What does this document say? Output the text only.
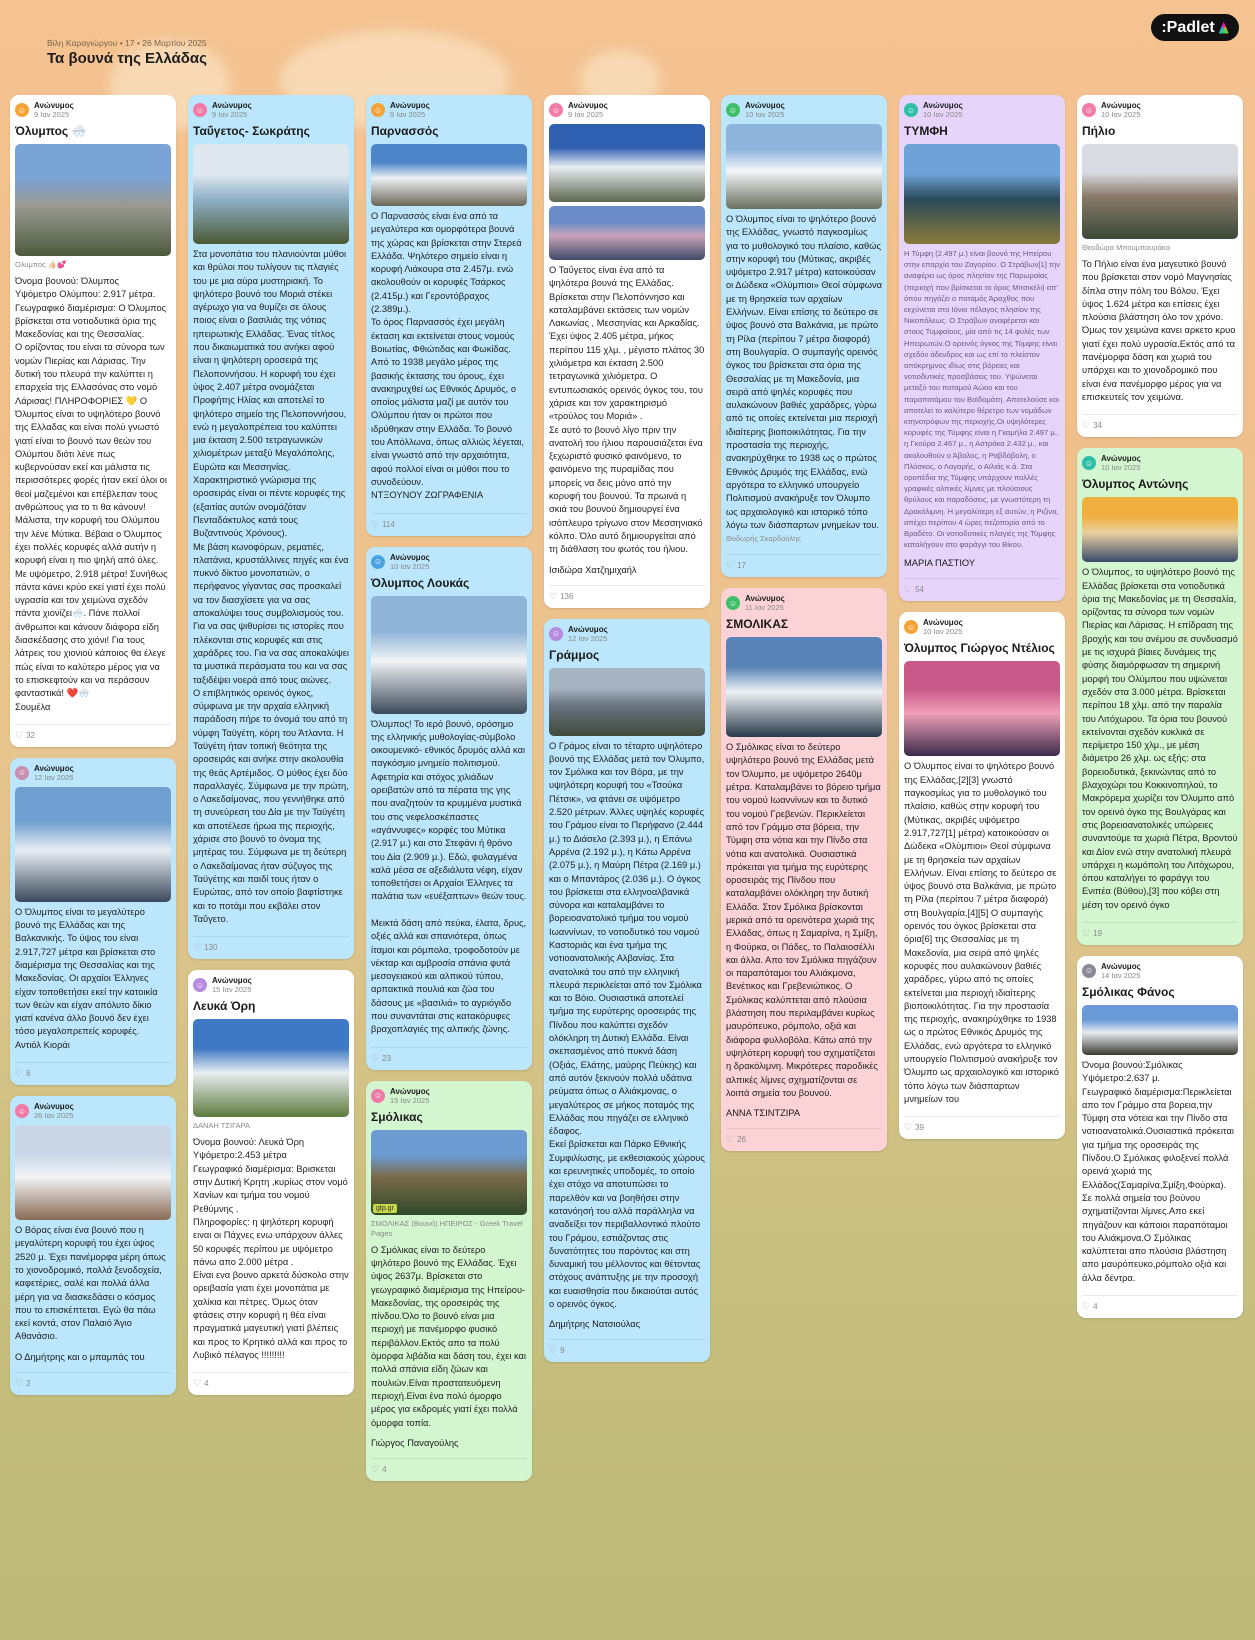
Βίλη Καραγιώργου • 17 • 26 Μαρτίου 2025
Τα βουνά της Ελλάδας
:Padlet
☺ Ανώνυμος
9 Ιαν 2025
Όλυμπος 🌨️
Ολυμπος 👍🏻💕
Όνομα βουνού: Όλυμπος
Υψόμετρο Ολύμπου: 2.917 μέτρα.
Γεωγραφικό διαμέρισμα: Ο Όλυμπος βρίσκεται στα νοτιοδυτικά όρια της Μακεδονίας και της Θεσσαλίας.
Ο ορίζοντας του είναι τα σύνορα των νομών Πιερίας και Λάρισας. Την δυτική του πλευρά την καλύπτει η επαρχεία της Ελλασόνας στο νομό Λάρισας! ΠΛΗΡΟΦΟΡΙΕΣ 💛 Ο Όλυμπος είναι το υψηλότερο βουνό της Ελλαδας και είναι πολύ γνωστό γιατί είναι το βουνό των θεών του Ολύμπου διότι λένε πως κυβερνούσαν εκεί και μάλιστα τις περισσότερες φορές ήταν εκεί όλοι οι θεοί μαζεμένοι και επέβλεπαν τους ανθρώπους για το τι θα κάνουν! Μάλιστα, την κορυφή του Ολύμπου την λένε Μύτικα. Βέβαια ο Όλυμπος έχει πολλές κορυφές αλλά αυτήν η κορυφή είναι η πιο ψηλή από όλες. Με υψόμετρο, 2.918 μέτρα! Συνήθως πάντα κάνει κρύο εκεί γιατί έχει πολύ υγρασία και τον χειμώνα σχεδόν πάντα χιονίζει🌨️. Πάνε πολλοί άνθρωποι και κάνουν διάφορα είδη διασκέδασης στο χιόνι! Για τους λάτρεις του χιονιού κάποιος θα έλεγε πώς είναι το καλύτερο μέρος για να το επισκεφτούν και να περάσουν φανταστικά! ❤️🌨️
Σουμέλα
♡ 32
☺ Ανώνυμος
12 Ιαν 2025
Ο Όλυμπος είναι το μεγαλύτερο βουνό της Ελλάδας και της Βαλκανικής. Το ύψος του είναι 2.917,727 μέτρα και βρίσκεται στο διαμέρισμα της Θεσσαλίας και της Μακεδονίας. Οι αρχαίοι Έλληνες είχαν τοποθετήσει εκεί την κατοικία των θεών και είχαν απόλυτο δίκιο γιατί κανένα άλλο βουνό δεν έχει τόσο μεγαλοπρεπείς κορυφές.
Αντιόλ Κιοράι
♡ 6
☺ Ανώνυμος
26 Ιαν 2025
Ο Βόρας είναι ένα βουνό που η μεγαλύτερη κορυφή του έχει ύψος 2520 μ. Έχει πανέμορφα μέρη όπως το χιονοδρομικό, πολλά ξενοδοχεία, καφετέριες, σαλέ και πολλά άλλα μέρη για να διασκεδάσει ο κόσμος που το επισκέπτεται. Εγώ θα πάω εκεί κοντά, στον Παλαιό Άγιο Αθανάσιο.
Ο Δημήτρης και ο μπαμπάς του
♡ 2
☺ Ανώνυμος
9 Ιαν 2025
Ταΰγετος- Σωκράτης
Στα μονοπάτια του πλανιούνται μύθοι και θρύλοι που τυλίγουν τις πλαγιές του με μια αύρα μυστηριακή. Το ψηλότερο βουνό του Μοριά στέκει αγέρωχο για να θυμίζει σε όλους ποιος είναι ο βασιλιάς της νότιας ηπειρωτικής Ελλάδας. Ένας τίτλος που δικαιωματικά του ανήκει αφού είναι η ψηλότερη οροσειρά της Πελοποννήσου. Η κορυφή του έχει ύψος 2.407 μέτρα ονομάζεται Προφήτης Ηλίας και αποτελεί το ψηλότερο σημείο της Πελοποννήσου, ενώ η μεγαλοπρέπεια του καλύπτει μια έκταση 2.500 τετραγωνικών χιλιομέτρων μεταξύ Μεγαλόπολης, Ευρώτα και Μεσσηνίας. Χαρακτηριστικό γνώρισμα της οροσειράς είναι οι πέντε κορυφές της (εξαιτίας αυτών ονομάζόταν Πενταδάκτυλος κατά τους Βυζαντινούς Χρόνους).
Με βάση κωνοφόρων, ρεματιές, πλατάνια, κρυστάλλινες πηγές και ένα πυκνό δίκτυο μονοπατιών, ο περήφανος γίγαντας σας προσκαλεί να τον διασχίσετε για να σας αποκαλύψει τους συμβολισμούς του. Για να σας ψιθυρίσει τις ιστορίες που πλέκονται στις κορυφές και στις χαράδρες του. Για να σας αποκαλύψει τα μυστικά περάσματα του και να σας ταξιδέψει νοερά από τους αιώνες.
Ο επιβλητικός ορεινός όγκος, σύμφωνα με την αρχαία ελληνική παράδοση πήρε το όνομά του από τη νύμφη Ταϋγέτη, κόρη του Άτλαντα. Η Ταϋγέτη ήταν τοπική θεότητα της οροσειράς και ανήκε στην ακολουθία της θεάς Αρτέμιδος. Ο μύθος έχει δύο παραλλαγές. Σύμφωνα με την πρώτη, ο Λακεδαίμονας, που γεννήθηκε από τη συνεύρεση του Δία με την Ταϋγέτη και αποτέλεσε ήρωα της περιοχής, χάρισε στο βουνό το όνομα της μητέρας του. Σύμφωνα με τη δεύτερη ο Λακεδαίμονας ήταν σύζυγος της Ταϋγέτης και παιδί τους ήταν ο Ευρώτας, από τον οποίο βαφτίστηκε και το ποτάμι που εκβάλει στον Ταΰγετο.
♡ 130
☺ Ανώνυμος
15 Ιαν 2025
Λευκά Όρη
ΔΑΝΑΗ ΤΣΙΓΑΡΑ
Όνομα βουνού: Λευκά Όρη
Υψόμετρο:2.453 μέτρα
Γεωγραφικό διαμέρισμα: Βρισκεται στην Δυτική Κρητη ,κυρίως στον νομό Χανίων και τμήμα του νομού Ρεθύμνης .
Πληροφορίες: η ψηλότερη κορυφή ειναι οι Πάχνες ενω υπάρχουν άλλες 50 κορυφές περίπου με υψόμετρο πάνω απο 2.000 μέτρα .
Είναι ενα βουνο αρκετά δύσκολο στην ορειβασία γιατι έχει μονοπάτια με χαλίκια και πέτρες. Όμως όταν φτάσεις στην κορυφή η θέα είναι πραγματικά μαγευτική γιατί βλέπεις και προς το Κρητικό αλλά και προς το Λυβικό πέλαγος !!!!!!!!!
♡ 4
☺ Ανώνυμος
9 Ιαν 2025
Παρνασσός
Ο Παρνασσός είναι ένα από τα μεγαλύτερα και ομορφότερα βουνά της χώρας και βρίσκεται στην Στερεά Ελλάδα. Ψηλότερο σημείο είναι η κορυφή Λιάκουρα στα 2.457μ. ενώ ακολουθούν οι κορυφές Τσάρκος (2.415μ.) και Γεροντόβραχος (2.389μ.).
Το όρος Παρνασσός έχει μεγάλη έκταση και εκτείνεται στους νομούς Βοιωτίας, Φθιώτιδας και Φωκίδας.
Από το 1938 μεγάλο μέρος της βασικής έκτασης του όρους, έχει ανακηρυχθεί ως Εθνικός Δρυμός, ο οποίος μάλιστα μαζί με αυτόν του Ολύμπου ήταν οι πρώτοι που ιδρύθηκαν στην Ελλάδα. Το βουνό του Απόλλωνα, όπως αλλιώς λέγεται, είναι γνωστό από την αρχαιότητα, αφού πολλοί είναι οι μύθοι που το συνοδεύουν.
ΝΤΞΟΥΝΟΥ ΖΩΓΡΑΦΕΝΙΑ
♡ 114
☺ Ανώνυμος
10 Ιαν 2025
Όλυμπος Λουκάς
Όλυμπος! Το ιερό βουνό, ορόσημο της ελληνικής μυθολογίας-σύμβολο οικουμενικό- εθνικός δρυμός αλλά και παγκόσμιο μνημείο πολιτισμού. Αφετηρία και στόχος χιλιάδων ορειβατών από τα πέρατα της γης που αναζητούν τα κρυμμένα μυστικά του στις νεφελοσκέπαστες «αγάννυφες» κορφές του Μύτικα (2.917 μ.) και στο Στεφάνι ή θρόνο του Δία (2.909 μ.). Εδώ, φυλαγμένα καλά μέσα σε αξεδιάλυτα νέφη, είχαν τοποθετήσει οι Αρχαίοι Έλληνες τα παλάτια των «ευέξαπτων» θεών τους.

Μεικτά δάση από πεύκα, έλατα, δρυς, οξιές αλλά και σπανιότερα, όπως ίταμοι και ρόμπολα, τροφοδοτούν με νέκταρ και αμβροσία σπάνια φυτά μεσογειακού και αλπικού τύπου, αρπακτικά πουλιά και ζώα του δάσους με «βασιλιά» το αγριόγιδο που συναντάται στις κατακόρυφες βραχοπλαγιές της αλπικής ζώνης.
♡ 23
☺ Ανώνυμος
15 Ιαν 2025
Σμόλικας
gtp.gr
ΣΜΟΛΙΚΑΣ (Βουνό) ΗΠΕΙΡΟΣ - Greek Travel Pages
Ο Σμόλικας είναι το δεύτερο ψηλότερο βουνό της Ελλάδας. Έχει ύψος 2637μ. Βρίσκεται στο γεωγραφικό διαμέρισμα της Ηπείρου-Μακεδονίας, της οροσειράς της πίνδου.Όλο το βουνό είναι μια περιοχή με πανέμορφο φυσικό περιβάλλον.Εκτός απο τα πολύ όμορφα λιβάδια και δάση του, έχει και πολλά σπάνια είδη ζώων και πουλιών.Είναι προστατευόμενη περιοχή.Είναι ένα πολύ όμορφο μέρος για εκδρομές γιατί έχει πολλά όμορφα τοπία.
Γιώργος Παναγούλης
♡ 4
☺ Ανώνυμος
9 Ιαν 2025
Ο Ταΰγετος είναι ένα από τα ψηλότερα βουνά της Ελλάδας. Βρίσκεται στην Πελοπόννησο και καταλαμβάνει εκτάσεις των νομών Λακωνίας , Μεσσηνίας και Αρκαδίας. Έχει ύψος 2.405 μέτρα, μήκος περίπου 115 χλμ. , μέγιστο πλάτος 30 χιλιόμετρα και έκταση 2.500 τετραγωνικά χιλιόμετρα. Ο εντυπωσιακός ορεινός όγκος του, του χάρισε και τον χαρακτηρισμό «τρούλος του Μοριά» .
Σε αυτό το βουνό λίγο πριν την ανατολή του ήλιου παρουσιάζεται ένα ξεχωριστό φυσικό φαινόμενο, το φαινόμενο της πυραμίδας που μπορείς να δεις μόνο από την κορυφή του βουνού. Τα πρωινά η σκιά του βουνού δημιουργεί ένα ισόπλευρο τρίγωνο στον Μεσσηνιακό κόλπο. Όλο αυτό δημιουργείται από τη διάθλαση του φωτός του ήλιου.
Ισιδώρα Χατζημιχαήλ
♡ 136
☺ Ανώνυμος
12 Ιαν 2025
Γράμμος
Ο Γράμος είναι το τέταρτο υψηλότερο βουνό της Ελλάδας μετά τον Όλυμπο, τον Σμόλικα και τον Βόρα, με την υψηλότερη κορυφή του «Τσούκα Πέτσικ», να φτάνει σε υψόμετρο 2.520 μέτρων. Άλλες υψηλές κορυφές του Γράμου είναι το Περήφανο (2.444 μ.) το Διάσελο (2.393 μ.), η Επάνω Αρρένα (2.192 μ.), η Κάτω Αρρένα (2.075 μ.), η Μαύρη Πέτρα (2.169 μ.) και ο Μπαντάρος (2.036 μ.). Ο όγκος του βρίσκεται στα ελληνοαλβανικά σύνορα και καταλαμβάνει το βορειοανατολικό τμήμα του νομού Ιωαννίνων, το νοτιοδυτικό του νομού Καστοριάς και ένα τμήμα της νοτιοανατολικής Αλβανίας. Στα ανατολικά του από την ελληνική πλευρά περικλείεται από τον Σμόλικα και το Βόιο. Ουσιαστικά αποτελεί τμήμα της ευρύτερης οροσειράς της Πίνδου που καλύπτει σχεδόν ολόκληρη τη Δυτική Ελλάδα. Είναι σκεπασμένος από πυκνά δάση (Οξιάς, Ελάτης, μαύρης Πεύκης) και από αυτόν ξεκινούν πολλά υδάτινα ρεύματα όπως ο Αλιάκμονας, ο μεγαλύτερος σε μήκος ποταμός της Ελλάδας που πηγάζει σε ελληνικό έδαφος.
Εκεί βρίσκεται και Πάρκο Εθνικής Συμφιλίωσης, με εκθεσιακούς χώρους και ερευνητικές υποδομές, το οποίο έχει στόχο να αποτυπώσει το παρελθόν και να βοηθήσει στην κατανόησή του αλλά παράλληλα να αναδείξει τον περιβαλλοντικό πλούτο του Γράμου, εστιάζοντας στις δυνατότητες του παρόντος και στη δυναμική του μέλλοντος και θέτοντας στόχους ανάπτυξης με την προσοχή και ευαισθησία που δικαιούται αυτός ο ορεινός όγκος.
Δημήτρης Νατσιούλας
♡ 9
☺ Ανώνυμος
10 Ιαν 2025
Ο Όλυμπος είναι το ψηλότερο βουνό της Ελλάδας, γνωστό παγκοσμίως για το μυθολογικό του πλαίσιο, καθώς στην κορυφή του (Μύτικας, ακριβές υψόμετρο 2.917 μέτρα) κατοικούσαν οι Δώδεκα «Ολύμπιοι» Θεοί σύμφωνα με τη θρησκεία των αρχαίων Ελλήνων. Είναι επίσης το δεύτερο σε ύψος βουνό στα Βαλκάνια, με πρώτο τη Ρίλα (περίπου 7 μέτρα διαφορά) στη Βουλγαρία. Ο συμπαγής ορεινός όγκος του βρίσκεται στα όρια της Θεσσαλίας με τη Μακεδονία, μια σειρά από ψηλές κορυφές που αυλακώνουν βαθιές χαράδρες, γύρω από τις οποίες εκτείνεται μια περιοχή ιδιαίτερης βιοποικιλότητας. Για την προστασία της περιοχής, ανακηρύχθηκε το 1938 ως ο πρώτος Εθνικός Δρυμός της Ελλάδας, ενώ αργότερα το ελληνικό υπουργείο Πολιτισμού ανακήρυξε τον Όλυμπο ως αρχαιολογικό και ιστορικό τόπο λόγω των διάσπαρτων μνημείων του.
Θοδωρής Σκορδούλης
♡ 17
☺ Ανώνυμος
11 Ιαν 2025
ΣΜΟΛΙΚΑΣ
Ο Σμόλικας είναι το δεύτερο υψηλότερο βουνό της Ελλάδας μετά τον Όλυμπο, με υψόμετρο 2640μ μέτρα. Καταλαμβάνει το βόρειο τμήμα του νομού Ιωαννίνων και το δυτικό του νομού Γρεβενών. Περικλείεται από τον Γράμμο στα βόρεια, την Τύμφη στα νότια και την Πίνδο στα νότια και ανατολικά. Ουσιαστικά πρόκειται για τμήμα της ευρύτερης οροσειράς της Πίνδου που καταλαμβάνει ολόκληρη την δυτική Ελλάδα. Στον Σμόλικα βρίσκονται μερικά από τα ορεινότερα χωριά της Ελλάδας, όπως η Σαμαρίνα, η Σμίξη, η Φούρκα, οι Πάδες, το Παλαιοσέλλι και άλλα. Απο τον Σμόλικα πηγάζουν οι παραπόταμοι του Αλιάκμονα, Βενέτικος και Γρεβενιώτικος. Ο Σμόλικας καλύπτεται από πλούσια βλάστηση που περιλαμβάνει κυρίως μαυρόπευκο, ρόμπολο, οξιά και διάφορα φυλλοβόλα. Κάτω από την υψηλότερη κορυφή του σχηματίζεται η δρακόλιμνη. Μικρότερες παροδικές αλπικές λίμνες σχηματίζονται σε λοιπά σημεία του βουνού.
ΑΝΝΑ ΤΣΙΝΤΖΙΡΑ
♡ 26
☺ Ανώνυμος
10 Ιαν 2025
ΤΥΜΦΗ
Η Τύμφη (2.497 μ.) είναι βουνό της Ηπείρου στην επαρχία του Ζαγορίου. Ο Στράβων[1] την αναφέρει ως όρος πλησίον της Παρωραίας (περιοχή που βρίσκεται το όρος Μιτσικέλι) απ' όπου πηγάζει ο ποταμός Άραχθος που εκχύνεται στο Ιόνιο πέλαγος πλησίον της Νικοπόλεως. Ο Στράβων αναφέρεται και στους Τυμφαίους, μία από τις 14 φυλές των Ηπειρωτών.Ο ορεινός όγκος της Τύμφης είναι σχεδόν άδενδρος και ως επί το πλείστον απόκρημνος ιδίως στις βόρειες και νοτιοδυτικές προσβάσεις του. Υψώνεται μεταξύ του ποταμού Αώου και του παραποτάμου του Βοϊδομάτη. Αποτελούσε και αποτελεί το καλύτερο θέρετρο των νομάδων κτηνοτρόφων της περιοχής.Οι υψηλότερες κορυφές της Τύμφης είναι η Γκαμήλα 2.497 μ., η Γκούρα 2.467 μ., η Αστράκα 2.432 μ., και ακολουθούν ο Άβαλος, η Ραβδόβολη, ο Πλόσκος, ο Λαγαρής, ο Αϊλιάς κ.ά. Στα οροπέδια της Τύμφης υπάρχουν πολλές γραφικές αλπικές λίμνες με πλούσιους θρύλους και παραδόσεις, με γνωστότερη τη Δρακόλιμνη. Η μεγαλύτερη εξ αυτών, η Ριζίνα, απέχει περίπου 4 ώρες πεζοπορία από το Βραδέτο. Οι νοτιοδυτικές πλαγιές της Τύμφης καταλήγουν στο φαράγγι του Βίκου.
ΜΑΡΙΑ ΠΑΣΤΙΟΥ
♡ 54
☺ Ανώνυμος
10 Ιαν 2025
Όλυμπος Γιώργος Ντέλιος
Ο Όλυμπος είναι το ψηλότερο βουνό της Ελλάδας,[2][3] γνωστό παγκοσμίως για το μυθολογικό του πλαίσιο, καθώς στην κορυφή του (Μύτικας, ακριβές υψόμετρο 2.917,727[1] μέτρα) κατοικούσαν οι Δώδεκα «Ολύμπιοι» Θεοί σύμφωνα με τη θρησκεία των αρχαίων Ελλήνων. Είναι επίσης το δεύτερο σε ύψος βουνό στα Βαλκάνια, με πρώτο τη Ρίλα (περίπου 7 μέτρα διαφορά) στη Βουλγαρία.[4][5] Ο συμπαγής ορεινός του όγκος βρίσκεται στα όρια[6] της Θεσσαλίας με τη Μακεδονία, μια σειρά από ψηλές κορυφές που αυλακώνουν βαθιές χαράδρες, γύρω από τις οποίες εκτείνεται μια περιοχή ιδιαίτερης βιοποικιλότητας. Για την προστασία της περιοχής, ανακηρύχθηκε το 1938 ως ο πρώτος Εθνικός Δρυμός της Ελλάδας, ενώ αργότερα το ελληνικό υπουργείο Πολιτισμού ανακήρυξε τον Όλυμπο ως αρχαιολογικό και ιστορικό τόπο λόγω των διάσπαρτων μνημείων του
♡ 39
☺ Ανώνυμος
10 Ιαν 2025
Πήλιο
Θεοδώρα Μπουμπουράκα
Το Πήλιο είναι ένα μαγευτικό βουνό που βρίσκεται στον νομό Μαγνησίας δίπλα στην πόλη του Βόλου. Έχει ύψος 1.624 μέτρα και επίσεις έχει πλούσια βλάστηση όλο τον χρόνο. Όμως τον χειμώνα κανει αρκετο κρυο γιατί έχει πολύ υγρασία.Εκτός από τα πανέμορφα δάση και χωριά του υπάρχει και το χιονοδρομικό που είναι ένα πανέμορφο μέρος για να επισκευτείς τον χειμώνα.
♡ 34
☺ Ανώνυμος
10 Ιαν 2025
Όλυμπος Αντώνης
Ο Όλυμπος, το υψηλότερο βουνό της Ελλάδας βρίσκεται στα νοτιοδυτικά όρια της Μακεδονίας με τη Θεσσαλία, ορίζοντας τα σύνορα των νομών Πιερίας και Λάρισας. Η επίδραση της βροχής και του ανέμου σε συνδυασμό με τις ισχυρά βίαιες δυνάμεις της φύσης διαμόρφωσαν τη σημερινή μορφή του Ολύμπου που υψώνεται σχεδόν στα 3.000 μέτρα. Βρίσκεται περίπου 18 χλμ. από την παραλία του Λιτόχωρου. Τα όρια του βουνού εκτείνονται σχεδόν κυκλικά σε περίμετρο 150 χλμ., με μέση διάμετρο 26 χλμ. ως εξής: στα βορειοδυτικά, ξεκινώντας από το βλαχοχώρι του Κοκκινοπηλού, το Μακρόρεμα χωρίζει τον Όλυμπο από τον ορεινό όγκο της Βουλγάρας και στις βορειοανατολικές υπώρειες συναντούμε τα χωριά Πέτρα, Βροντού και Δίον ενώ στην ανατολική πλευρά υπάρχει η κωμόπολη του Λιτόχωρου, όπου καταλήγει το φαράγγι του Ενιπέα (Βύθου),[3] που κόβει στη μέση τον ορεινό όγκο
♡ 19
☺ Ανώνυμος
14 Ιαν 2025
Σμόλικας Φάνος
Όνομα βουνού:Σμόλικας
Υψόμετρο:2.637 μ.
Γεωγραφικό διαμέρισμα:Περικλείεται απο τον Γράμμο στα βορεια,την Τύμφη στα νότεια και την Πίνδο στα νοτιοανατολικά.Ουσιαστικά πρόκειται για τμήμα της οροσειράς της Πίνδου.Ο Σμόλικας φιλοξενεί πολλά ορεινά χωριά της Ελλάδος(Σαμαρίνα,Σμίξη,Φούρκα). Σε πολλά σημεία του βούνου σχηματίζονται λίμνες.Απο εκεί πηγάζουν και κάποιοι παραπόταμοι του Αλιάκμονα.Ο Σμόλικας καλύπτεται απο πλούσια βλάστηση απο μαυρόπευκο,ρόμπολο οξιά και άλλα δέντρα.
♡ 4
